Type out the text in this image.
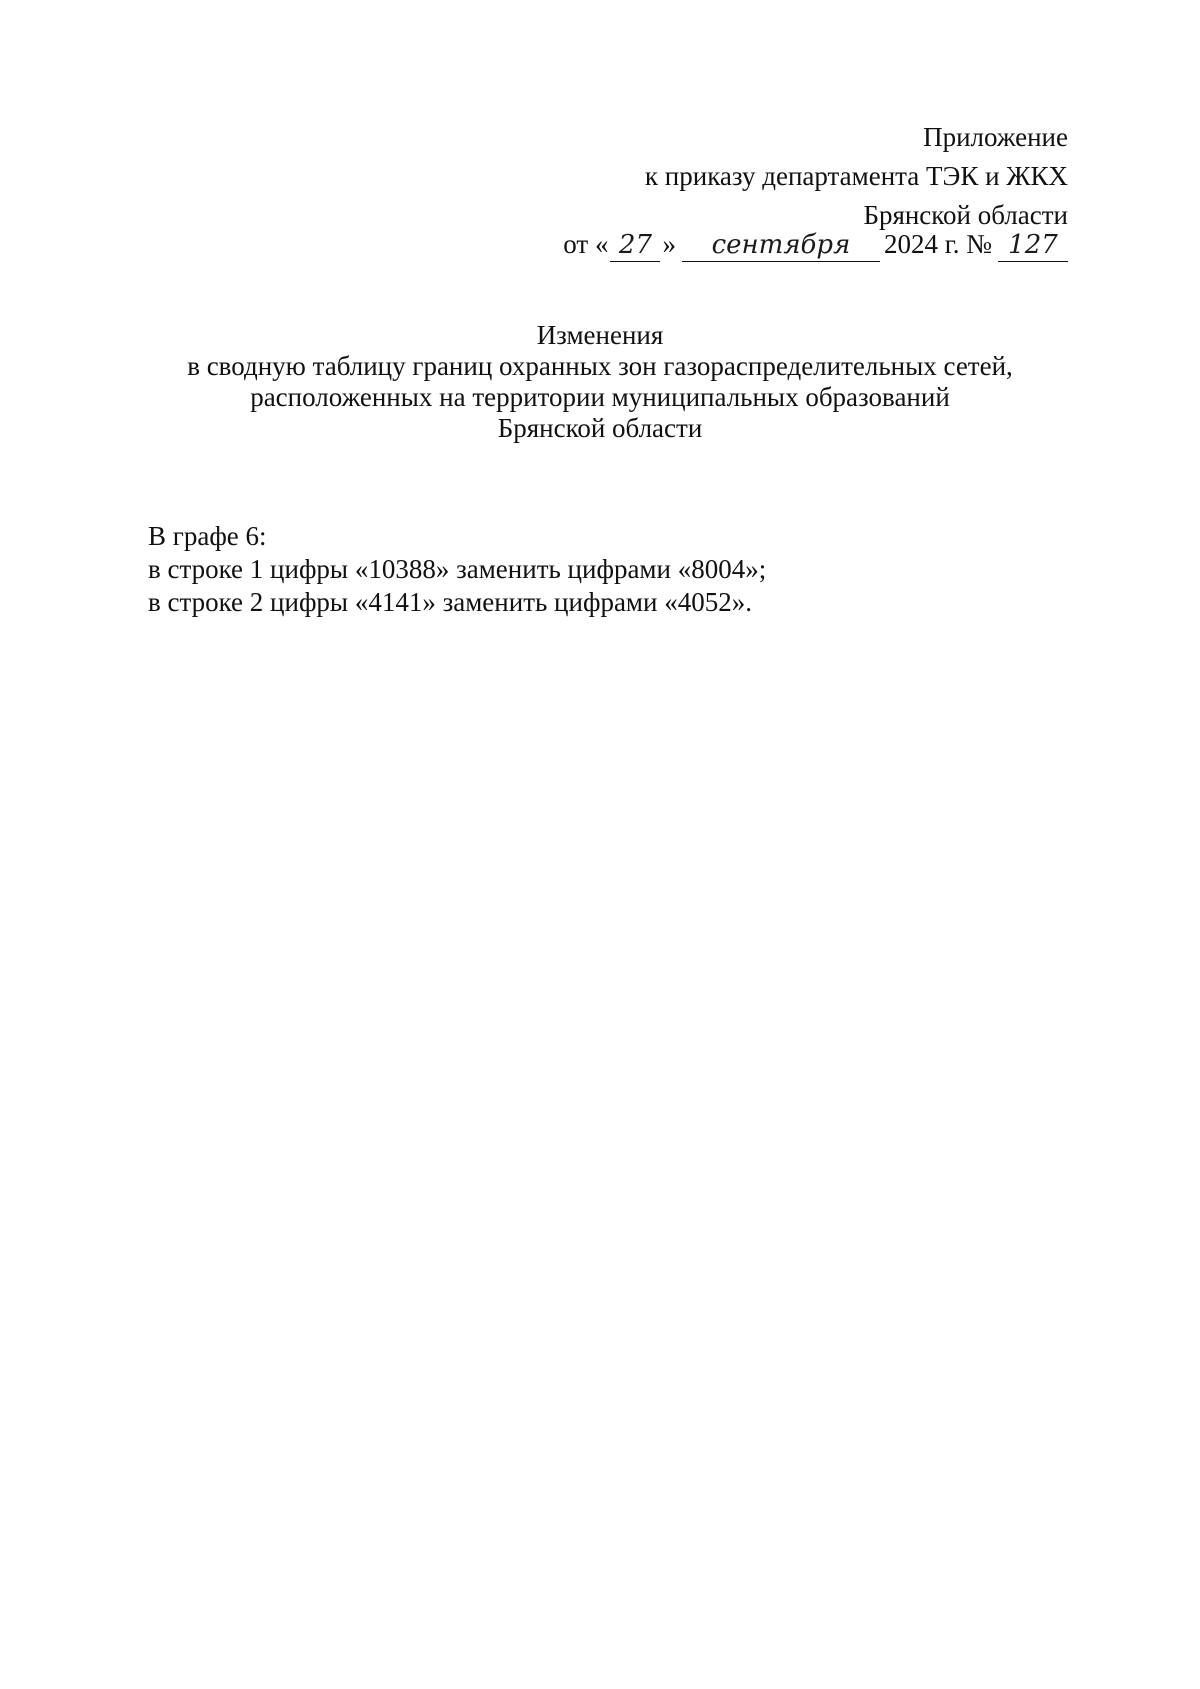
Приложение
к приказу департамента ТЭК и ЖКХ
Брянской области
от « 27 »	сентября	2024 г. № 127
Изменения
в сводную таблицу границ охранных зон газораспределительных сетей,
расположенных на территории муниципальных образований
Брянской области
В графе 6:
в строке 1 цифры «10388» заменить цифрами «8004»;
в строке 2 цифры «4141» заменить цифрами «4052».
